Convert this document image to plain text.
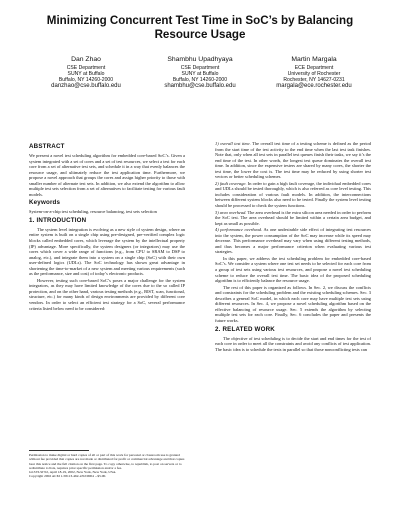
Minimizing Concurrent Test Time in SoC’s by Balancing Resource Usage
Dan Zhao
CSE Department
SUNY at Buffalo
Buffalo, NY 14260-2000
danzhao@cse.buffalo.edu
Shambhu Upadhyaya
CSE Department
SUNY at Buffalo
Buffalo, NY 14260-2000
shambhu@cse.buffalo.edu
Martin Margala
ECE Department
University of Rochester
Rochester, NY 14627-0231
margala@ece.rochester.edu
ABSTRACT

We present a novel test scheduling algorithm for embedded core-based SoC’s. Given a system integrated with a set of cores and a set of test resources, we select a test for each core from a set of alternative test sets, and schedule it in a way that evenly balances the resource usage, and ultimately reduce the test application time. Furthermore, we propose a novel approach that groups the cores and assign higher priority to those with smaller number of alternate test sets. In addition, we also extend the algorithm to allow multiple test sets selection from a set of alternatives to facilitate testing for various fault models.

Keywords

System-on-a-chip test scheduling, resource balancing, test sets selection

1. INTRODUCTION

The system level integration is evolving as a new style of system design, where an entire system is built on a single chip using pre-designed, pre-verified complex logic blocks called embedded cores, which leverage the system by the intellectual property (IP) advantage. More specifically, the system designers (or integrators) may use the cores which cover a wide range of functions (e.g., from CPU to SRAM to DSP to analog, etc.), and integrate them into a system on a single chip (SoC) with their own user-defined logics (UDLs). The SoC technology has shown great advantage in shortening the time-to-market of a new system and meeting various requirements (such as the performance, size and cost) of today’s electronic products.

However, testing such core-based SoC’s poses a major challenge for the system integrators, as they may have limited knowledge of the cores due to the so called IP protection, and on the other hand, various testing methods (e.g., BIST, scan, functional, structure, etc.) for many kinds of design environments are provided by different core vendors. In order to select an efficient test strategy for a SoC, several performance criteria listed below need to be considered:

Permission to make digital or hard copies of all or part of this work for personal or classroom use is granted without fee provided that copies are not made or distributed for profit or commercial advantage and that copies bear this notice and the full citation on the first page. To copy otherwise, to republish, to post on servers or to redistribute to lists, requires prior specific permission and/or a fee.

GLSVLSI’02, April 18-19, 2002, New York, New York, USA.

Copyright 2002 ACM 1-58113-462-2/02/0004 ...$5.00.

1) overall test time. The overall test time of a testing scheme is defined as the period from the start time of the test activity to the end time when the last test task finishes. Note that, only when all test sets in parallel test queues finish their tasks, we say it’s the end time of the test. In other words, the longest test queue dominates the overall test time. In addition, since the expensive testers are shared by many cores, the shorter the test time, the lower the cost is. The test time may be reduced by using shorter test vectors or better scheduling schemes.

2) fault coverage. In order to gain a high fault coverage, the individual embedded cores and UDLs should be tested thoroughly, which is also referred as core level testing. This includes consideration of various fault models. In addition, the interconnections between different system blocks also need to be tested. Finally the system level testing should be processed to check the system functions.

3) area overhead. The area overhead is the extra silicon area needed in order to perform the SoC test. The area overhead should be limited within a certain area budget, and kept as small as possible.

4) performance overhead. As one undesirable side effect of integrating test resources into the system, the power consumption of the SoC may increase while its speed may decrease. This performance overhead may vary when using different testing methods, and thus becomes a major performance criterion when evaluating various test strategies.

In this paper, we address the test scheduling problem for embedded core-based SoC’s. We consider a system where one test set needs to be selected for each core from a group of test sets using various test resources, and propose a novel test scheduling scheme to reduce the overall test time. The basic idea of the proposed scheduling algorithm is to efficiently balance the resource usage.

The rest of this paper is organized as follows. In Sec. 2, we discuss the conflicts and constraints for the scheduling problem and the existing scheduling schemes. Sec. 3 describes a general SoC model, in which each core may have multiple test sets using different resources. In Sec. 4, we propose a novel scheduling algorithm based on the effective balancing of resource usage. Sec. 5 extends the algorithm by selecting multiple test sets for each core. Finally, Sec. 6 concludes the paper and presents the future works.

2. RELATED WORK

The objective of test scheduling is to decide the start and end times for the test of each core in order to meet all the constraints and avoid any conflicts of test application. The basic idea is to schedule the tests in parallel so that those nonconflicting tests can
